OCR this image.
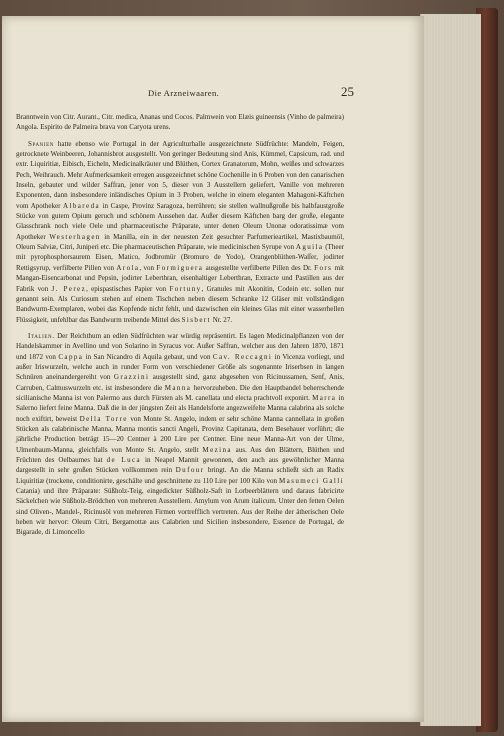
Die Arzneiwaaren.	25

Branntwein von Citr. Aurant., Citr. medica, Ananas und Cocos. Palmwein von Elæis guineensis (Vinho de palmeira) Angola. Espirito de Palmeira brava von Caryota urens.

Spanien hatte ebenso wie Portugal in der Agriculturhalle ausgezeichnete Südfrüchte: Mandeln, Feigen, getrocknete Weinbeeren, Johannisbrot ausgestellt. Von geringer Bedeutung sind Anis, Kümmel, Capsicum, rad. und extr. Liquiritiæ, Eibisch, Eicheln, Medicinalkräuter und Blüthen, Cortex Granatorum, Mohn, weißes und schwarzes Pech, Weihrauch. Mehr Aufmerksamkeit erregen ausgezeichnet schöne Cochenille in 6 Proben von den canarischen Inseln, gebauter und wilder Saffran, jener von 5, dieser von 3 Ausstellern geliefert, Vanille von mehreren Exponenten, dann insbesondere inländisches Opium in 3 Proben, welche in einem eleganten Mahagoni-Käftchen vom Apotheker Albareda in Caspe, Provinz Saragoza, herrühren; sie stellen wallnußgroße bis halbfaustgroße Stücke von gutem Opium geruch und schönem Aussehen dar. Außer diesem Käftchen barg der große, elegante Glasschrank noch viele Oele und pharmaceutische Präparate, unter denen Oleum Unonæ odoratissimæ vom Apotheker Westerhagen in Manilla, ein in der neuesten Zeit gesuchter Parfumerieartikel, Mastixbaumöl, Oleum Salviæ, Citri, Juniperi etc. Die pharmaceutischen Präparate, wie medicinischen Syrupe von Aguila (Theer mit pyrophosphorsaurem Eisen, Matico, Jodbromür (Bromuro de Yodo), Orangenblüthen-Waſſer, jodirter Rettigsyrup, verfilberte Pillen von Arola, von Formiguera ausgestellte verfilberte Pillen des Dr. Fors mit Mangan-Eisencarbonat und Pepsin, jodirter Leberthran, eisenhaltiger Leberthran, Extracte und Pastillen aus der Fabrik von J. Perez, epispastisches Papier von Fortuny, Granules mit Akonitin, Codein etc. sollen nur genannt sein. Als Curiosum stehen auf einem Tischchen neben diesem Schranke 12 Gläser mit vollständigen Bandwurm-Exemplaren, wobei das Kopfende nicht fehlt, und dazwischen ein kleines Glas mit einer wasserhellen Flüssigkeit, unfehlbar das Bandwurm treibende Mittel des Sisbert Nr. 27.

Italien. Der Reichthum an edlen Südfrüchten war würdig repräsentirt. Es lagen Medicinalpflanzen von der Handelskammer in Avellino und von Solarino in Syracus vor. Außer Saffran, welcher aus den Jahren 1870, 1871 und 1872 von Cappa in San Nicandro di Aquila gebaut, und von Cav. Reccagni in Vicenza vorliegt, und außer Iriswurzeln, welche auch in runder Form von verschiedener Größe als sogenannte Iriserbsen in langen Schnüren aneinandergereiht von Grazzini ausgestellt sind, ganz abgesehen von Ricinussamen, Senf, Anis, Carruben, Calmuswurzeln etc. ist insbesondere die Manna hervorzuheben. Die den Hauptbandel beherrschende sicilianische Manna ist von Palermo aus durch Fürsten als M. canellata und electa prachtvoll exponirt. Marra in Salerno liefert feine Manna. Daß die in der jüngsten Zeit als Handelsforte angezweifelte Manna calabrina als solche noch exiftirt, beweist Della Torre von Monte St. Angelo, indem er sehr schöne Manna cannellata in großen Stücken als calabrinische Manna, Manna montis sancti Angeli, Provinz Capitanata, dem Besehauer vorführt; die jährliche Production beträgt 15—20 Centner à 200 Lire per Centner. Eine neue Manna-Art von der Ulme, Ulmenbaum-Manna, gleichfalls von Monte St. Angelo, stellt Mezina aus. Aus den Blättern, Blüthen und Früchten des Oelbaumes hat de Luca in Neapel Mannit gewonnen, den auch aus gewöhnlicher Manna dargestellt in sehr großen Stücken vollkommen rein Dufour bringt. An die Manna schließt sich an Radix Liquiritiæ (trockene, conditionirte, geschälte und geschnittene zu 110 Lire per 100 Kilo von Masumeci Galli Catania) und ihre Präparate: Süßholz-Teig, eingedickter Süßholz-Saft in Lorbeerblättern und daraus fabricirte Säckelchen wie Süßholz-Brödchen von mehreren Ausstellern. Amylum von Arum italicum. Unter den fetten Oelen sind Oliven-, Mandel-, Ricinusöl von mehreren Firmen vortrefflich vertreten. Aus der Reihe der ätherischen Oele heben wir hervor: Oleum Citri, Bergamottæ aus Calabrien und Sicilien insbesondere, Essence de Portugal, de Bigarade, di Limoncello
